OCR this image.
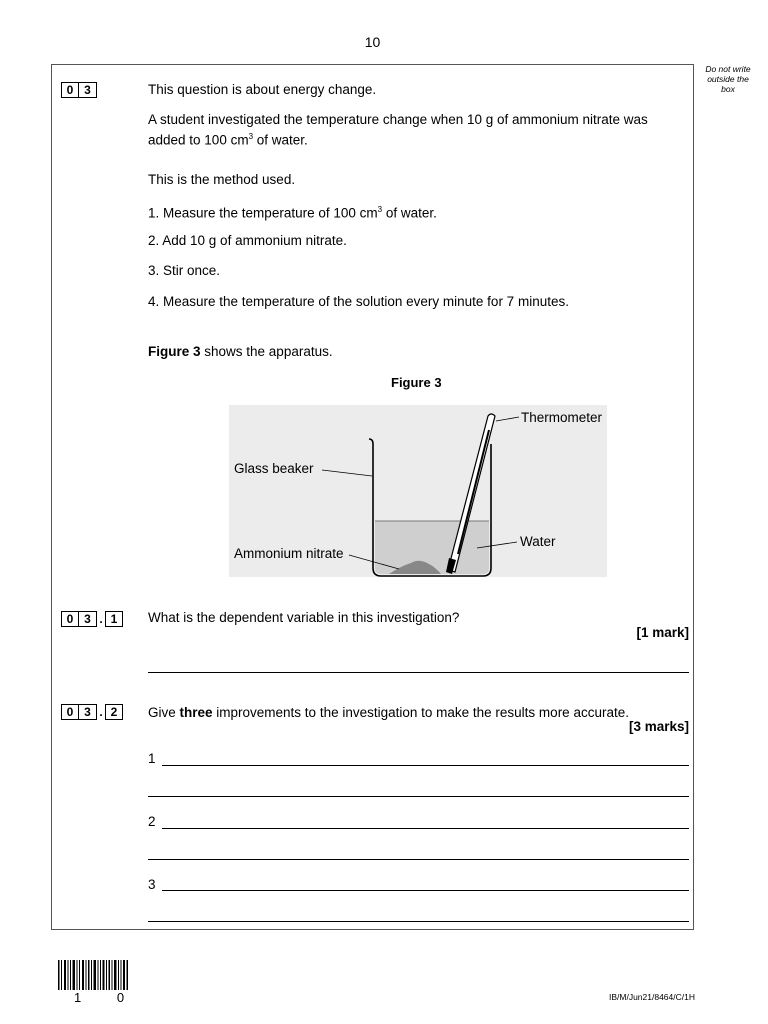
10
Do not write outside the box
0 3	This question is about energy change.
A student investigated the temperature change when 10 g of ammonium nitrate was added to 100 $cm^3$ of water.
This is the method used.
1. Measure the temperature of 100 $cm^3$ of water.
2. Add 10 g of ammonium nitrate.
3. Stir once.
4. Measure the temperature of the solution every minute for 7 minutes.
Figure 3 shows the apparatus.
Figure 3
Thermometer
Glass beaker
Ammonium nitrate
Water
0 3 . 1	What is the dependent variable in this investigation?
[1 mark]
0 3 . 2	Give three improvements to the investigation to make the results more accurate.
[3 marks]
1
2
3
1 0	IB/M/Jun21/8464/C/1H
